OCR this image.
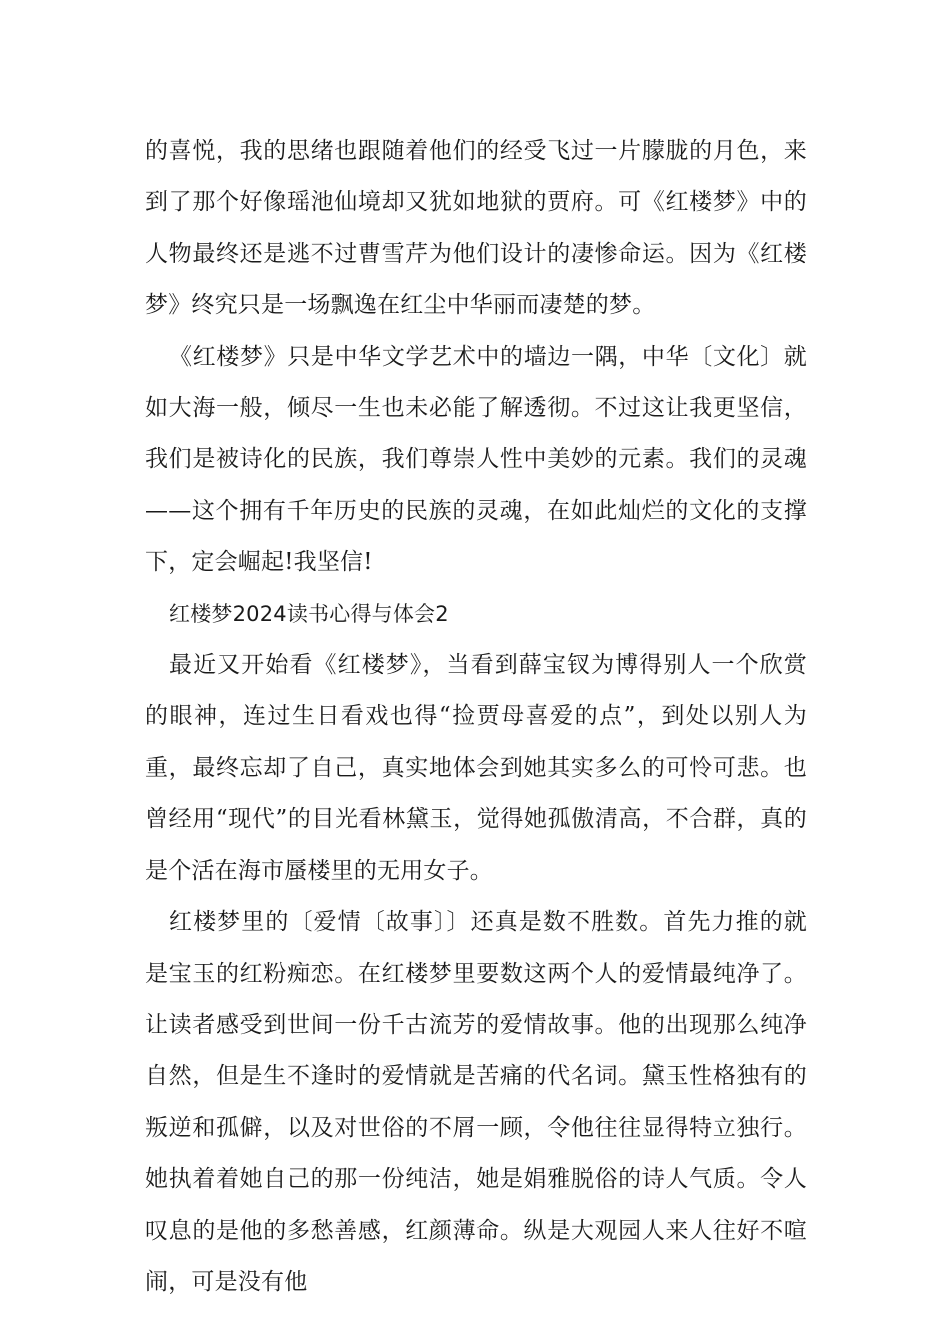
的喜悦，我的思绪也跟随着他们的经受飞过一片朦胧的月色，来到了那个好像瑶池仙境却又犹如地狱的贾府。可《红楼梦》中的人物最终还是逃不过曹雪芹为他们设计的凄惨命运。因为《红楼梦》终究只是一场飘逸在红尘中华丽而凄楚的梦。

《红楼梦》只是中华文学艺术中的墙边一隅，中华〔文化〕就如大海一般，倾尽一生也未必能了解透彻。不过这让我更坚信，我们是被诗化的民族，我们尊崇人性中美妙的元素。我们的灵魂——这个拥有千年历史的民族的灵魂，在如此灿烂的文化的支撑下，定会崛起!我坚信!

红楼梦2024读书心得与体会2

最近又开始看《红楼梦》，当看到薛宝钗为博得别人一个欣赏的眼神，连过生日看戏也得“捡贾母喜爱的点”，到处以别人为重，最终忘却了自己，真实地体会到她其实多么的可怜可悲。也曾经用“现代”的目光看林黛玉，觉得她孤傲清高，不合群，真的是个活在海市蜃楼里的无用女子。

红楼梦里的〔爱情〔故事〕〕还真是数不胜数。首先力推的就是宝玉的红粉痴恋。在红楼梦里要数这两个人的爱情最纯净了。让读者感受到世间一份千古流芳的爱情故事。他的出现那么纯净自然，但是生不逢时的爱情就是苦痛的代名词。黛玉性格独有的叛逆和孤僻，以及对世俗的不屑一顾，令他往往显得特立独行。她执着着她自己的那一份纯洁，她是娟雅脱俗的诗人气质。令人叹息的是他的多愁善感，红颜薄命。纵是大观园人来人往好不喧闹，可是没有他
